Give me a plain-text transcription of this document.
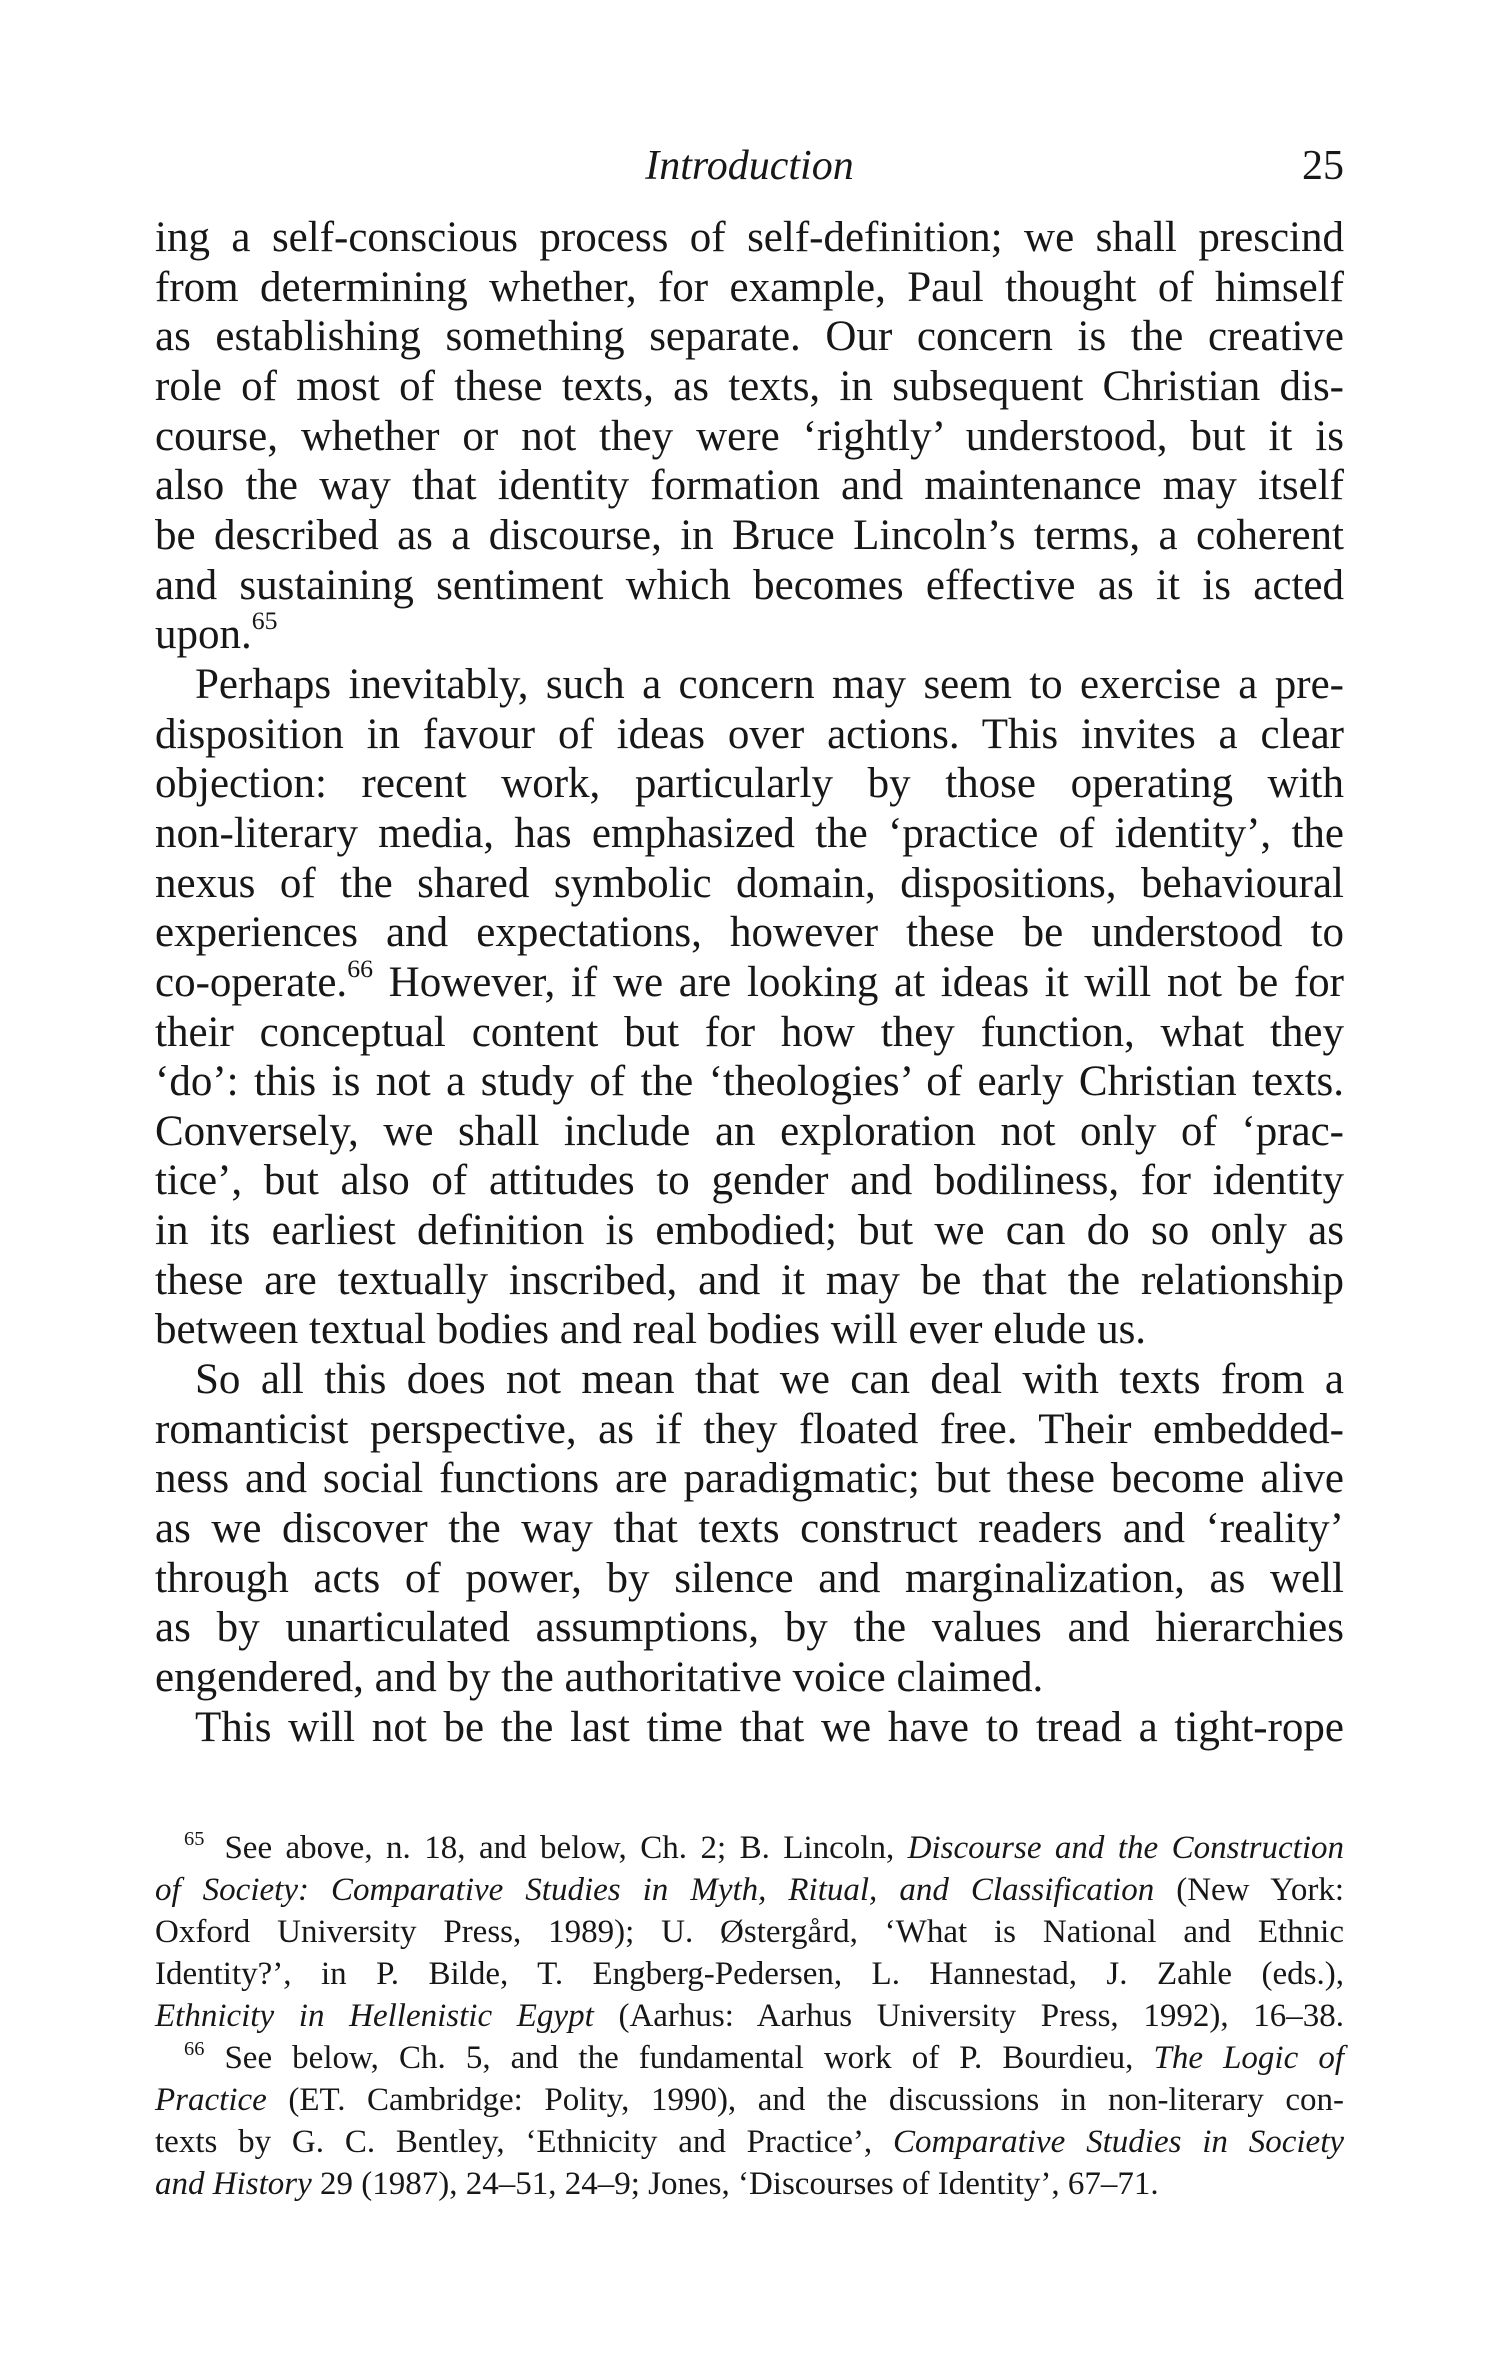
Introduction	25
ing a self-conscious process of self-definition; we shall prescind
from determining whether, for example, Paul thought of himself
as establishing something separate. Our concern is the creative
role of most of these texts, as texts, in subsequent Christian dis-
course, whether or not they were ‘rightly’ understood, but it is
also the way that identity formation and maintenance may itself
be described as a discourse, in Bruce Lincoln’s terms, a coherent
and sustaining sentiment which becomes effective as it is acted
upon.$^{65}$
Perhaps inevitably, such a concern may seem to exercise a pre-
disposition in favour of ideas over actions. This invites a clear
objection: recent work, particularly by those operating with
non-literary media, has emphasized the ‘practice of identity’, the
nexus of the shared symbolic domain, dispositions, behavioural
experiences and expectations, however these be understood to
co-operate.$^{66}$ However, if we are looking at ideas it will not be for
their conceptual content but for how they function, what they
‘do’: this is not a study of the ‘theologies’ of early Christian texts.
Conversely, we shall include an exploration not only of ‘prac-
tice’, but also of attitudes to gender and bodiliness, for identity
in its earliest definition is embodied; but we can do so only as
these are textually inscribed, and it may be that the relationship
between textual bodies and real bodies will ever elude us.
So all this does not mean that we can deal with texts from a
romanticist perspective, as if they floated free. Their embedded-
ness and social functions are paradigmatic; but these become alive
as we discover the way that texts construct readers and ‘reality’
through acts of power, by silence and marginalization, as well
as by unarticulated assumptions, by the values and hierarchies
engendered, and by the authoritative voice claimed.
This will not be the last time that we have to tread a tight-rope
$^{65}$ See above, n. 18, and below, Ch. 2; B. Lincoln, Discourse and the Construction
of Society: Comparative Studies in Myth, Ritual, and Classification (New York:
Oxford University Press, 1989); U. Østergård, ‘What is National and Ethnic
Identity?’, in P. Bilde, T. Engberg-Pedersen, L. Hannestad, J. Zahle (eds.),
Ethnicity in Hellenistic Egypt (Aarhus: Aarhus University Press, 1992), 16–38.
$^{66}$ See below, Ch. 5, and the fundamental work of P. Bourdieu, The Logic of
Practice (ET. Cambridge: Polity, 1990), and the discussions in non-literary con-
texts by G. C. Bentley, ‘Ethnicity and Practice’, Comparative Studies in Society
and History 29 (1987), 24–51, 24–9; Jones, ‘Discourses of Identity’, 67–71.
